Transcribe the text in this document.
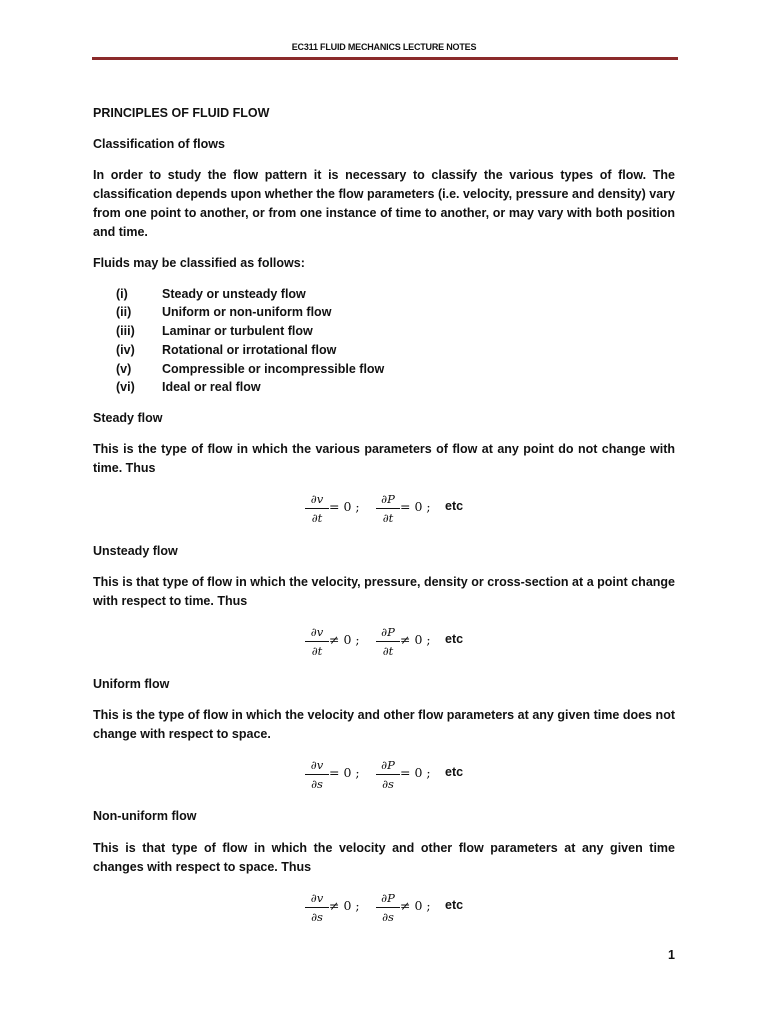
EC311 FLUID MECHANICS LECTURE NOTES
PRINCIPLES OF FLUID FLOW
Classification of flows
In order to study the flow pattern it is necessary to classify the various types of flow. The classification depends upon whether the flow parameters (i.e. velocity, pressure and density) vary from one point to another, or from one instance of time to another, or may vary with both position and time.
Fluids may be classified as follows:
(i)	Steady or unsteady flow
(ii) Uniform or non-uniform flow
(iii) Laminar or turbulent flow
(iv) Rotational or irrotational flow
(v) Compressible or incompressible flow
(vi) Ideal or real flow
Steady flow
This is the type of flow in which the various parameters of flow at any point do not change with time. Thus
∂v
∂t
= 0 ;	∂P
∂t
= 0 ; etc
Unsteady flow
This is that type of flow in which the velocity, pressure, density or cross-section at a point change with respect to time. Thus
∂v
∂t
≠ 0 ;	∂P
∂t
≠ 0 ; etc
Uniform flow
This is the type of flow in which the velocity and other flow parameters at any given time does not change with respect to space.
∂v
∂s
= 0 ;	∂P
∂s
= 0 ; etc
Non-uniform flow
This is that type of flow in which the velocity and other flow parameters at any given time changes with respect to space. Thus
∂v
∂s
≠ 0 ;	∂P
∂s
≠ 0 ; etc
1
